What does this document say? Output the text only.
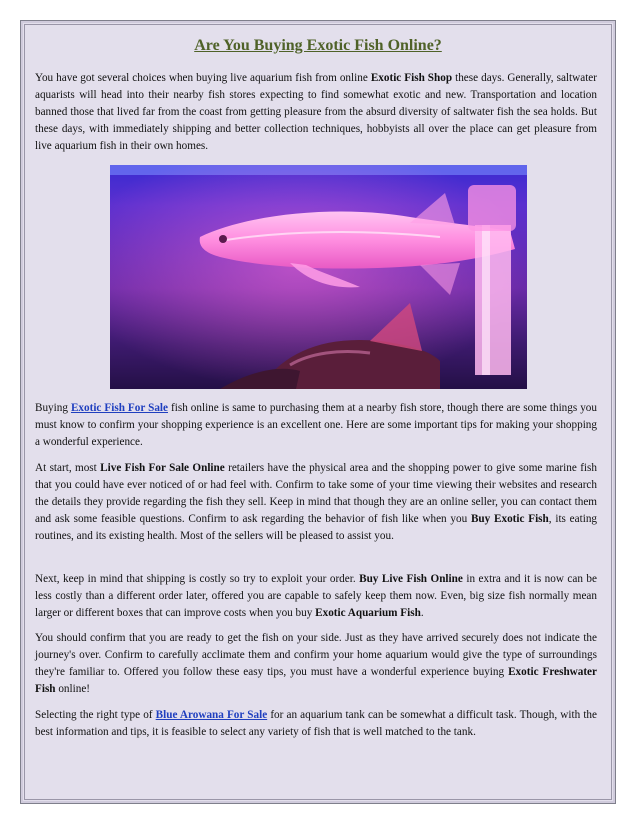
Are You Buying Exotic Fish Online?

You have got several choices when buying live aquarium fish from online Exotic Fish Shop these days. Generally, saltwater aquarists will head into their nearby fish stores expecting to find somewhat exotic and new. Transportation and location banned those that lived far from the coast from getting pleasure from the absurd diversity of saltwater fish the sea holds. But these days, with immediately shipping and better collection techniques, hobbyists all over the place can get pleasure from live aquarium fish in their own homes.

Buying Exotic Fish For Sale fish online is same to purchasing them at a nearby fish store, though there are some things you must know to confirm your shopping experience is an excellent one. Here are some important tips for making your shopping a wonderful experience.

At start, most Live Fish For Sale Online retailers have the physical area and the shopping power to give some marine fish that you could have ever noticed of or had feel with. Confirm to take some of your time viewing their websites and research the details they provide regarding the fish they sell. Keep in mind that though they are an online seller, you can contact them and ask some feasible questions. Confirm to ask regarding the behavior of fish like when you Buy Exotic Fish, its eating routines, and its existing health. Most of the sellers will be pleased to assist you.

Next, keep in mind that shipping is costly so try to exploit your order. Buy Live Fish Online in extra and it is now can be less costly than a different order later, offered you are capable to safely keep them now. Even, big size fish normally mean larger or different boxes that can improve costs when you buy Exotic Aquarium Fish.

You should confirm that you are ready to get the fish on your side. Just as they have arrived securely does not indicate the journey's over. Confirm to carefully acclimate them and confirm your home aquarium would give the type of surroundings they're familiar to. Offered you follow these easy tips, you must have a wonderful experience buying Exotic Freshwater Fish online!

Selecting the right type of Blue Arowana For Sale for an aquarium tank can be somewhat a difficult task. Though, with the best information and tips, it is feasible to select any variety of fish that is well matched to the tank.
